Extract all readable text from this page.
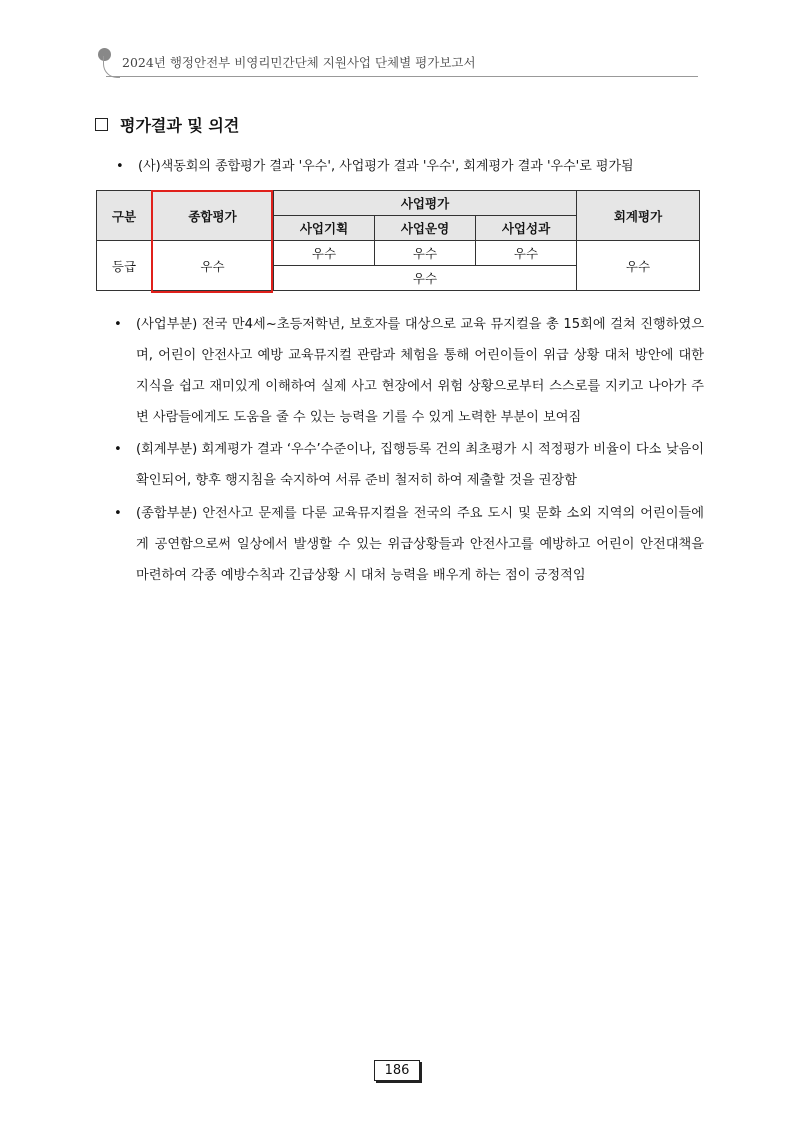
2024년 행정안전부 비영리민간단체 지원사업 단체별 평가보고서
평가결과 및 의견
• (사)색동회의 종합평가 결과 '우수', 사업평가 결과 '우수', 회계평가 결과 '우수'로 평가됨
구분	종합평가	사업평가			회계평가
		사업기획	사업운영	사업성과	
등급	우수	우수	우수	우수	우수
		우수			
•	(사업부분) 전국 만4세~초등저학년, 보호자를 대상으로 교육 뮤지컬을 총 15회에 걸쳐 진행하였으며, 어린이 안전사고 예방 교육뮤지컬 관람과 체험을 통해 어린이들이 위급 상황 대처 방안에 대한 지식을 쉽고 재미있게 이해하여 실제 사고 현장에서 위험 상황으로부터 스스로를 지키고 나아가 주변 사람들에게도 도움을 줄 수 있는 능력을 기를 수 있게 노력한 부분이 보여짐
•	(회계부분) 회계평가 결과 ‘우수’수준이나, 집행등록 건의 최초평가 시 적정평가 비율이 다소 낮음이 확인되어, 향후 행지침을 숙지하여 서류 준비 철저히 하여 제출할 것을 권장함
•	(종합부분) 안전사고 문제를 다룬 교육뮤지컬을 전국의 주요 도시 및 문화 소외 지역의 어린이들에게 공연함으로써 일상에서 발생할 수 있는 위급상황들과 안전사고를 예방하고 어린이 안전대책을 마련하여 각종 예방수칙과 긴급상황 시 대처 능력을 배우게 하는 점이 긍정적임
186
